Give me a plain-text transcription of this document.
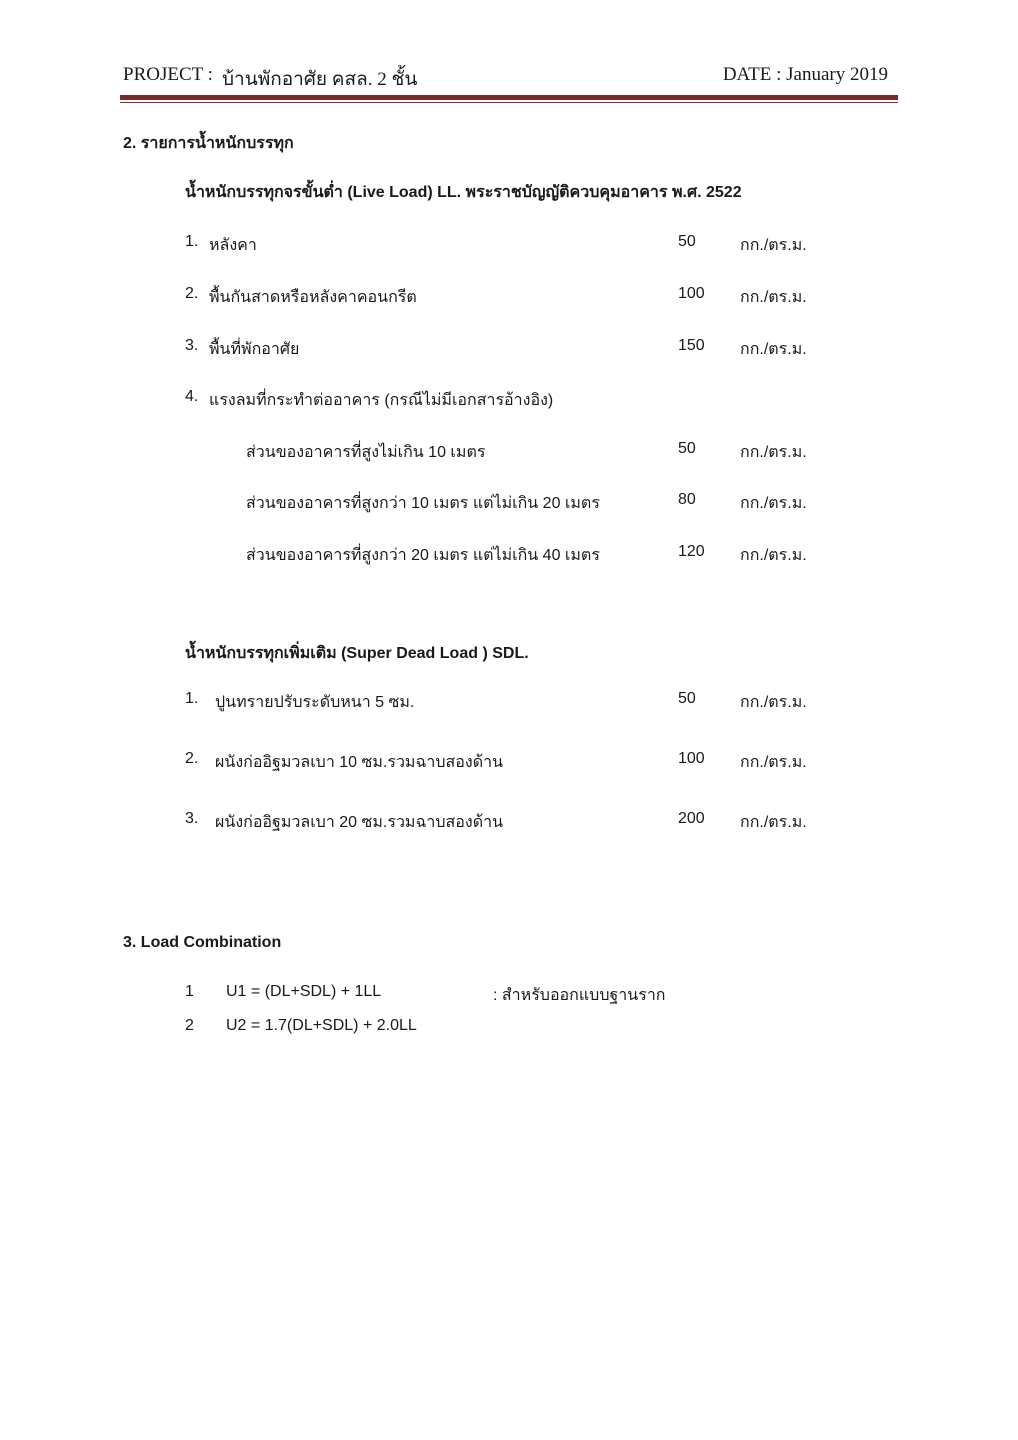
PROJECT : บ้านพักอาศัย คสล. 2 ชั้น	DATE : January 2019
2. รายการน้ำหนักบรรทุก
น้ำหนักบรรทุกจรขั้นต่ำ (Live Load) LL. พระราชบัญญัติควบคุมอาคาร พ.ศ. 2522
1. หลังคา	50	กก./ตร.ม.
2. พื้นกันสาดหรือหลังคาคอนกรีต	100 กก./ตร.ม.
3. พื้นที่พักอาศัย	150 กก./ตร.ม.
4. แรงลมที่กระทำต่ออาคาร (กรณีไม่มีเอกสารอ้างอิง)
ส่วนของอาคารที่สูงไม่เกิน 10 เมตร	50	กก./ตร.ม.
ส่วนของอาคารที่สูงกว่า 10 เมตร แต่ไม่เกิน 20 เมตร	80	กก./ตร.ม.
ส่วนของอาคารที่สูงกว่า 20 เมตร แต่ไม่เกิน 40 เมตร	120 กก./ตร.ม.
น้ำหนักบรรทุกเพิ่มเติม (Super Dead Load ) SDL.
1. ปูนทรายปรับระดับหนา 5 ซม.	50	กก./ตร.ม.
2. ผนังก่ออิฐมวลเบา 10 ซม.รวมฉาบสองด้าน	100 กก./ตร.ม.
3. ผนังก่ออิฐมวลเบา 20 ซม.รวมฉาบสองด้าน	200 กก./ตร.ม.
3. Load Combination
1 U1 = (DL+SDL) + 1LL	: สำหรับออกแบบฐานราก
2 U2 = 1.7(DL+SDL) + 2.0LL
